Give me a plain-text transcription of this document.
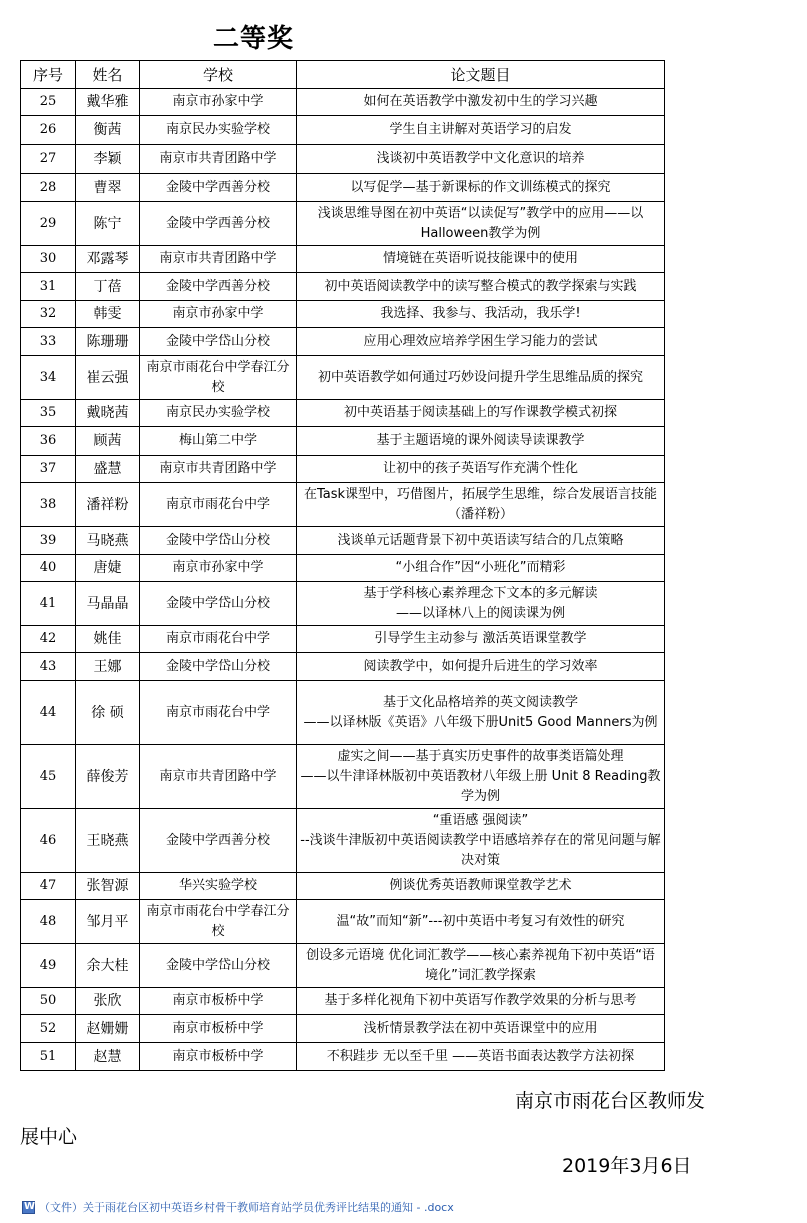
二等奖
序号	姓名	学校	论文题目
25	戴华雅	南京市孙家中学	如何在英语教学中激发初中生的学习兴趣
26	衡茜	南京民办实验学校	学生自主讲解对英语学习的启发
27	李颖	南京市共青团路中学	浅谈初中英语教学中文化意识的培养
28	曹翠	金陵中学西善分校	以写促学—基于新课标的作文训练模式的探究
29	陈宁	金陵中学西善分校	浅谈思维导图在初中英语“以读促写”教学中的应用——以Halloween教学为例
30	邓露琴	南京市共青团路中学	情境链在英语听说技能课中的使用
31	丁蓓	金陵中学西善分校	初中英语阅读教学中的读写整合模式的教学探索与实践
32	韩雯	南京市孙家中学	我选择、我参与、我活动，我乐学!
33	陈珊珊	金陵中学岱山分校	应用心理效应培养学困生学习能力的尝试
34	崔云强	南京市雨花台中学春江分校	初中英语教学如何通过巧妙设问提升学生思维品质的探究
35	戴晓茜	南京民办实验学校	初中英语基于阅读基础上的写作课教学模式初探
36	顾茜	梅山第二中学	基于主题语境的课外阅读导读课教学
37	盛慧	南京市共青团路中学	让初中的孩子英语写作充满个性化
38	潘祥粉	南京市雨花台中学	在Task课型中，巧借图片，拓展学生思维，综合发展语言技能（潘祥粉）
39	马晓燕	金陵中学岱山分校	浅谈单元话题背景下初中英语读写结合的几点策略
40	唐婕	南京市孙家中学	“小组合作”因“小班化”而精彩
41	马晶晶	金陵中学岱山分校	基于学科核心素养理念下文本的多元解读
——以译林八上的阅读课为例
42	姚佳	南京市雨花台中学	引导学生主动参与 激活英语课堂教学
43	王娜	金陵中学岱山分校	阅读教学中，如何提升后进生的学习效率
44	徐 硕	南京市雨花台中学	基于文化品格培养的英文阅读教学
——以译林版《英语》八年级下册Unit5 Good Manners为例
45	薛俊芳	南京市共青团路中学	虚实之间——基于真实历史事件的故事类语篇处理
——以牛津译林版初中英语教材八年级上册 Unit 8 Reading教学为例
46	王晓燕	金陵中学西善分校	“重语感 强阅读”
--浅谈牛津版初中英语阅读教学中语感培养存在的常见问题与解决对策
47	张智源	华兴实验学校	例谈优秀英语教师课堂教学艺术
48	邹月平	南京市雨花台中学春江分校	温“故”而知“新”---初中英语中考复习有效性的研究
49	余大桂	金陵中学岱山分校	创设多元语境 优化词汇教学——核心素养视角下初中英语“语境化”词汇教学探索
50	张欣	南京市板桥中学	基于多样化视角下初中英语写作教学效果的分析与思考
52	赵姗姗	南京市板桥中学	浅析情景教学法在初中英语课堂中的应用
51	赵慧	南京市板桥中学	不积跬步 无以至千里 ——英语书面表达教学方法初探
南京市雨花台区教师发
展中心
2019年3月6日
W
（文件）关于雨花台区初中英语乡村骨干教师培育站学员优秀评比结果的通知 - .docx
